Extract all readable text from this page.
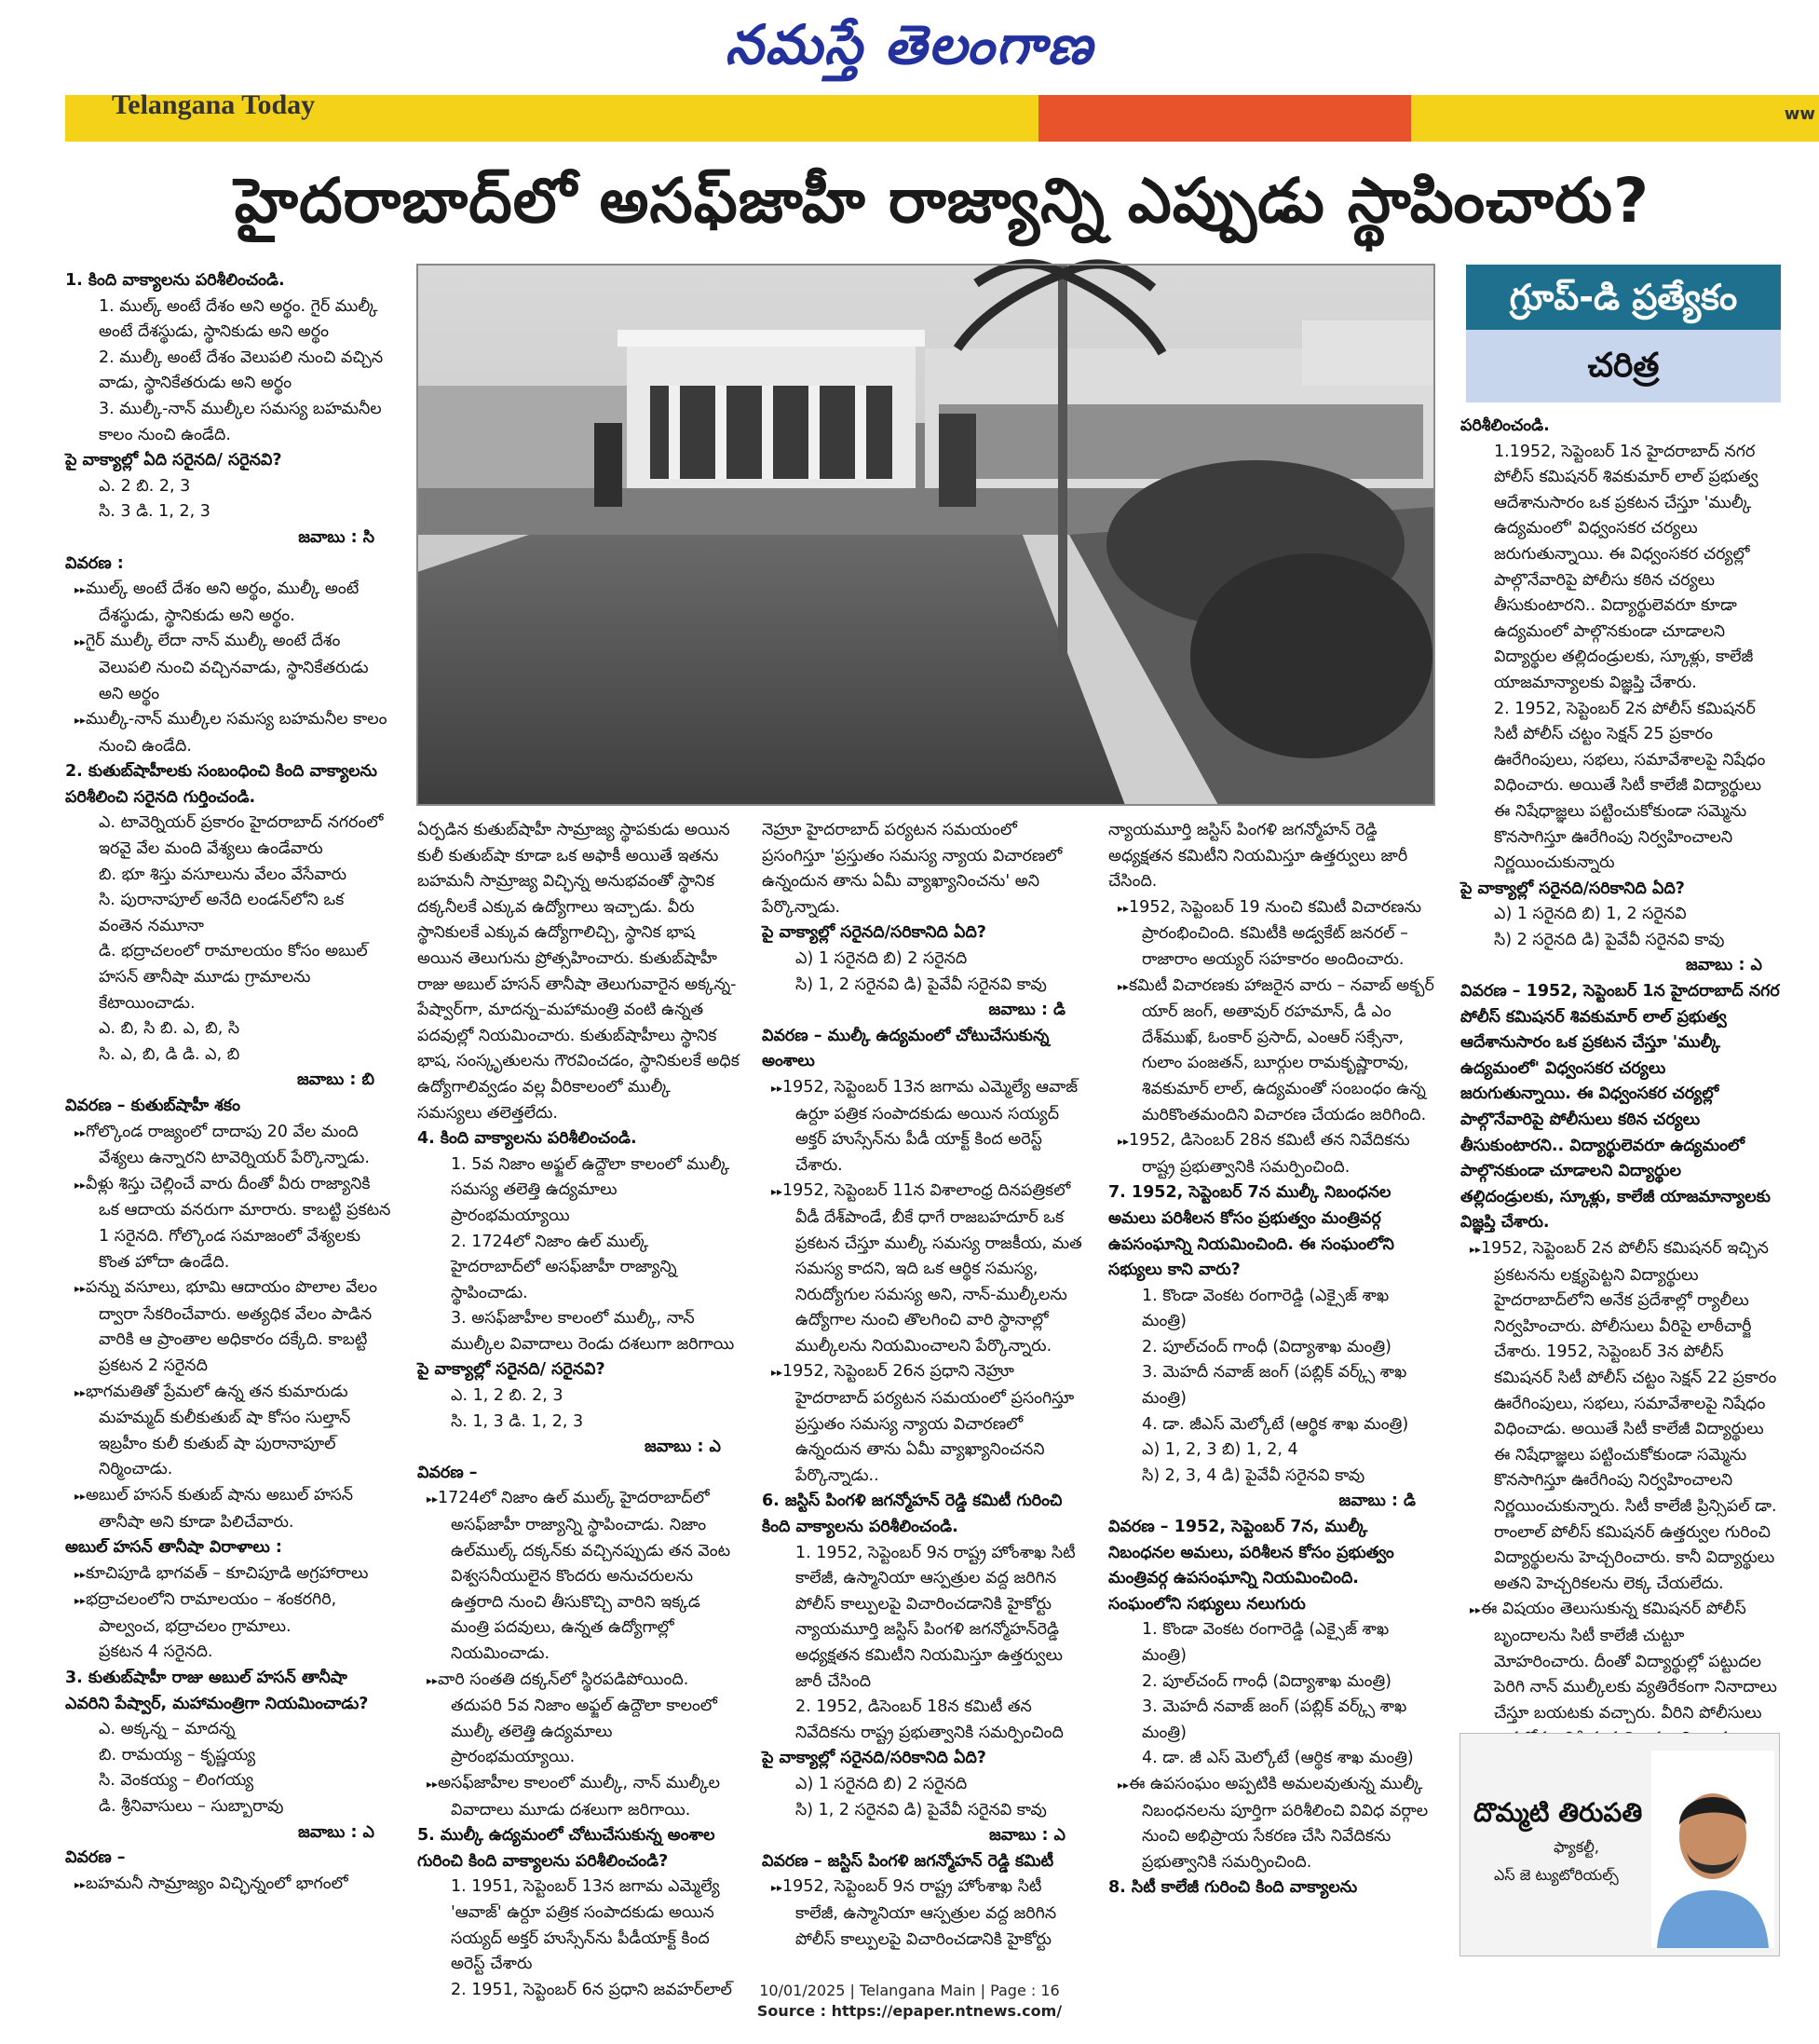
నమస్తే తెలంగాణ
Telangana Today	ww
హైదరాబాద్‌లో అసఫ్‌జాహీ రాజ్యాన్ని ఎప్పుడు స్థాపించారు?
గ్రూప్‌-డి ప్రత్యేకం
చరిత్ర

1. కింది వాక్యాలను పరిశీలించండి.

1. ముల్క్ అంటే దేశం అని అర్థం. గైర్ ముల్కీ అంటే దేశస్థుడు, స్థానికుడు అని అర్థం

2. ముల్కీ అంటే దేశం వెలుపలి నుంచి వచ్చిన వాడు, స్థానికేతరుడు అని అర్థం

3. ముల్కీ-నాన్ ముల్కీల సమస్య బహమనీల కాలం నుంచి ఉండేది.

పై వాక్యాల్లో ఏది సరైనది/ సరైనవి?

ఎ. 2 బి. 2, 3

సి. 3 డి. 1, 2, 3

జవాబు : సి

వివరణ :

▸▸ ముల్క్ అంటే దేశం అని అర్థం, ముల్కీ అంటే దేశస్థుడు, స్థానికుడు అని అర్థం.

▸▸ గైర్ ముల్కీ లేదా నాన్ ముల్కీ అంటే దేశం వెలుపలి నుంచి వచ్చినవాడు, స్థానికేతరుడు అని అర్థం

▸▸ ముల్కీ-నాన్ ముల్కీల సమస్య బహమనీల కాలం నుంచి ఉండేది.

2. కుతుబ్‌షాహీలకు సంబంధించి కింది వాక్యాలను పరిశీలించి సరైనది గుర్తించండి.

ఎ. టావెర్నియర్ ప్రకారం హైదరాబాద్ నగరంలో ఇరవై వేల మంది వేశ్యలు ఉండేవారు

బి. భూ శిస్తు వసూలును వేలం వేసేవారు

సి. పురానాపూల్ అనేది లండన్‌లోని ఒక వంతెన నమూనా

డి. భద్రాచలంలో రామాలయం కోసం అబుల్ హసన్ తానీషా మూడు గ్రామాలను కేటాయించాడు.

ఎ. బి, సి బి. ఎ, బి, సి

సి. ఎ, బి, డి డి. ఎ, బి

జవాబు : బి

వివరణ – కుతుబ్‌షాహీ శకం

▸▸ గోల్కొండ రాజ్యంలో దాదాపు 20 వేల మంది వేశ్యలు ఉన్నారని టావెర్నియర్ పేర్కొన్నాడు.

▸▸ వీళ్లు శిస్తు చెల్లించే వారు దీంతో వీరు రాజ్యానికి ఒక ఆదాయ వనరుగా మారారు. కాబట్టి ప్రకటన 1 సరైనది. గోల్కొండ సమాజంలో వేశ్యలకు కొంత హోదా ఉండేది.

▸▸ పన్ను వసూలు, భూమి ఆదాయం పొలాల వేలం ద్వారా సేకరించేవారు. అత్యధిక వేలం పాడిన వారికి ఆ ప్రాంతాల అధికారం దక్కేది. కాబట్టి ప్రకటన 2 సరైనది

▸▸ భాగమతితో ప్రేమలో ఉన్న తన కుమారుడు మహమ్మద్ కులీకుతుబ్ షా కోసం సుల్తాన్ ఇబ్రహీం కులీ కుతుబ్ షా పురానాపూల్ నిర్మించాడు.

▸▸ అబుల్ హసన్ కుతుబ్ షాను అబుల్ హసన్ తానీషా అని కూడా పిలిచేవారు.

అబుల్ హసన్ తానీషా విరాళాలు :

▸▸ కూచిపూడి భాగవత్ – కూచిపూడి అగ్రహారాలు

▸▸ భద్రాచలంలోని రామాలయం – శంకరగిరి, పాల్వంచ, భద్రాచలం గ్రామాలు.

ప్రకటన 4 సరైనది.

3. కుతుబ్‌షాహీ రాజు అబుల్ హసన్ తానీషా ఎవరిని పేష్వార్, మహామంత్రిగా నియమించాడు?

ఎ. అక్కన్న – మాదన్న

బి. రామయ్య – కృష్ణయ్య

సి. వెంకయ్య – లింగయ్య

డి. శ్రీనివాసులు – సుబ్బారావు

జవాబు : ఎ

వివరణ –

▸▸ బహమనీ సామ్రాజ్యం విచ్ఛిన్నంలో భాగంలో

ఏర్పడిన కుతుబ్‌షాహీ సామ్రాజ్య స్థాపకుడు అయిన కులీ కుతుబ్‌షా కూడా ఒక అఫాకీ అయితే ఇతను బహమనీ సామ్రాజ్య విచ్ఛిన్న అనుభవంతో స్థానిక దక్కనీలకే ఎక్కువ ఉద్యోగాలు ఇచ్చాడు. వీరు స్థానికులకే ఎక్కువ ఉద్యోగాలిచ్చి, స్థానిక భాష అయిన తెలుగును ప్రోత్సహించారు. కుతుబ్‌షాహీ రాజు అబుల్ హసన్ తానీషా తెలుగువారైన అక్కన్న-పేష్వార్‌గా, మాదన్న–మహామంత్రి వంటి ఉన్నత పదవుల్లో నియమించారు. కుతుబ్‌షాహీలు స్థానిక భాష, సంస్కృతులను గౌరవించడం, స్థానికులకే అధిక ఉద్యోగాలివ్వడం వల్ల వీరికాలంలో ముల్కీ సమస్యలు తలెత్తలేదు.

4. కింది వాక్యాలను పరిశీలించండి.

1. 5వ నిజాం అఫ్జల్ ఉద్దౌలా కాలంలో ముల్కీ సమస్య తలెత్తి ఉద్యమాలు ప్రారంభమయ్యాయి

2. 1724లో నిజాం ఉల్ ముల్క్ హైదరాబాద్‌లో అసఫ్‌జాహీ రాజ్యాన్ని స్థాపించాడు.

3. అసఫ్‌జాహీల కాలంలో ముల్కీ, నాన్ ముల్కీల వివాదాలు రెండు దశలుగా జరిగాయి

పై వాక్యాల్లో సరైనది/ సరైనవి?

ఎ. 1, 2 బి. 2, 3

సి. 1, 3 డి. 1, 2, 3

జవాబు : ఎ

వివరణ –

▸▸ 1724లో నిజాం ఉల్ ముల్క్ హైదరాబాద్‌లో అసఫ్‌జాహీ రాజ్యాన్ని స్థాపించాడు. నిజాం ఉల్‌ముల్క్ దక్కన్‌కు వచ్చినప్పుడు తన వెంట విశ్వసనీయులైన కొందరు అనుచరులను ఉత్తరాది నుంచి తీసుకొచ్చి వారిని ఇక్కడ మంత్రి పదవులు, ఉన్నత ఉద్యోగాల్లో నియమించాడు.

▸▸ వారి సంతతి దక్కన్‌లో స్థిరపడిపోయింది. తదుపరి 5వ నిజాం అఫ్జల్ ఉద్దౌలా కాలంలో ముల్కీ తలెత్తి ఉద్యమాలు ప్రారంభమయ్యాయి.

▸▸ అసఫ్‌జాహీల కాలంలో ముల్కీ, నాన్ ముల్కీల వివాదాలు మూడు దశలుగా జరిగాయి.

5. ముల్కీ ఉద్యమంలో చోటుచేసుకున్న అంశాల గురించి కింది వాక్యాలను పరిశీలించండి?

1. 1951, సెప్టెంబర్ 13న జగామ ఎమ్మెల్యే 'ఆవాజ్' ఉర్దూ పత్రిక సంపాదకుడు అయిన సయ్యద్ అక్తర్ హుస్సేన్‌ను పీడీయాక్ట్ కింద అరెస్ట్ చేశారు

2. 1951, సెప్టెంబర్ 6న ప్రధాని జవహర్‌లాల్

నెహ్రూ హైదరాబాద్ పర్యటన సమయంలో ప్రసంగిస్తూ 'ప్రస్తుతం సమస్య న్యాయ విచారణలో ఉన్నందున తాను ఏమీ వ్యాఖ్యానించను' అని పేర్కొన్నాడు.

పై వాక్యాల్లో సరైనది/సరికానిది ఏది?

ఎ) 1 సరైనది బి) 2 సరైనది

సి) 1, 2 సరైనవి డి) పైవేవీ సరైనవి కావు

జవాబు : డి

వివరణ – ముల్కీ ఉద్యమంలో చోటుచేసుకున్న అంశాలు

▸▸ 1952, సెప్టెంబర్ 13న జగామ ఎమ్మెల్యే ఆవాజ్ ఉర్దూ పత్రిక సంపాదకుడు అయిన సయ్యద్ అక్తర్ హుస్సేన్‌ను పీడీ యాక్ట్ కింద అరెస్ట్ చేశారు.

▸▸ 1952, సెప్టెంబర్ 11న విశాలాంధ్ర దినపత్రికలో వీడీ దేశ్‌పాండే, బీకే ధాగే రాజబహదూర్ ఒక ప్రకటన చేస్తూ ముల్కీ సమస్య రాజకీయ, మత సమస్య కాదని, ఇది ఒక ఆర్థిక సమస్య, నిరుద్యోగుల సమస్య అని, నాన్-ముల్కీలను ఉద్యోగాల నుంచి తొలగించి వారి స్థానాల్లో ముల్కీలను నియమించాలని పేర్కొన్నారు.

▸▸ 1952, సెప్టెంబర్ 26న ప్రధాని నెహ్రూ హైదరాబాద్ పర్యటన సమయంలో ప్రసంగిస్తూ ప్రస్తుతం సమస్య న్యాయ విచారణలో ఉన్నందున తాను ఏమీ వ్యాఖ్యానించనని పేర్కొన్నాడు..

6. జస్టిస్ పింగళి జగన్మోహన్ రెడ్డి కమిటీ గురించి కింది వాక్యాలను పరిశీలించండి.

1. 1952, సెప్టెంబర్ 9న రాష్ట్ర హోంశాఖ సిటీ కాలేజీ, ఉస్మానియా ఆస్పత్రుల వద్ద జరిగిన పోలీస్ కాల్పులపై విచారించడానికి హైకోర్టు న్యాయమూర్తి జస్టిస్ పింగళి జగన్మోహన్‌రెడ్డి అధ్యక్షతన కమిటీని నియమిస్తూ ఉత్తర్వులు జారీ చేసింది

2. 1952, డిసెంబర్ 18న కమిటీ తన నివేదికను రాష్ట్ర ప్రభుత్వానికి సమర్పించింది

పై వాక్యాల్లో సరైనది/సరికానిది ఏది?

ఎ) 1 సరైనది బి) 2 సరైనది

సి) 1, 2 సరైనవి డి) పైవేవీ సరైనవి కావు

జవాబు : ఎ

వివరణ – జస్టిస్ పింగళి జగన్మోహన్ రెడ్డి కమిటీ

▸▸ 1952, సెప్టెంబర్ 9న రాష్ట్ర హోంశాఖ సిటీ కాలేజీ, ఉస్మానియా ఆస్పత్రుల వద్ద జరిగిన పోలీస్ కాల్పులపై విచారించడానికి హైకోర్టు

న్యాయమూర్తి జస్టిస్ పింగళి జగన్మోహన్ రెడ్డి అధ్యక్షతన కమిటీని నియమిస్తూ ఉత్తర్వులు జారీ చేసింది.

▸▸ 1952, సెప్టెంబర్ 19 నుంచి కమిటీ విచారణను ప్రారంభించింది. కమిటీకి అడ్వకేట్ జనరల్ – రాజారాం అయ్యర్ సహకారం అందించారు.

▸▸ కమిటీ విచారణకు హాజరైన వారు – నవాబ్ అక్బర్ యార్ జంగ్, అతావుర్ రహమాన్, డీ ఎం దేశ్‌ముఖ్, ఓంకార్ ప్రసాద్, ఎంఆర్ సక్సేనా, గులాం పంజతన్, బూర్గుల రామకృష్ణారావు, శివకుమార్ లాల్, ఉద్యమంతో సంబంధం ఉన్న మరికొంతమందిని విచారణ చేయడం జరిగింది.

▸▸ 1952, డిసెంబర్ 28న కమిటీ తన నివేదికను రాష్ట్ర ప్రభుత్వానికి సమర్పించింది.

7. 1952, సెప్టెంబర్ 7న ముల్కీ నిబంధనల అమలు పరిశీలన కోసం ప్రభుత్వం మంత్రివర్గ ఉపసంఘాన్ని నియమించింది. ఈ సంఘంలోని సభ్యులు కాని వారు?

1. కొండా వెంకట రంగారెడ్డి (ఎక్సైజ్ శాఖ మంత్రి)

2. పూల్‌చంద్ గాంధీ (విద్యాశాఖ మంత్రి)

3. మెహదీ నవాజ్ జంగ్ (పబ్లిక్ వర్క్స్ శాఖ మంత్రి)

4. డా. జీఎస్ మెల్కోటే (ఆర్థిక శాఖ మంత్రి)

ఎ) 1, 2, 3 బి) 1, 2, 4

సి) 2, 3, 4 డి) పైవేవీ సరైనవి కావు

జవాబు : డి

వివరణ – 1952, సెప్టెంబర్ 7న, ముల్కీ నిబంధనల అమలు, పరిశీలన కోసం ప్రభుత్వం మంత్రివర్గ ఉపసంఘాన్ని నియమించింది. సంఘంలోని సభ్యులు నలుగురు

1. కొండా వెంకట రంగారెడ్డి (ఎక్సైజ్ శాఖ మంత్రి)

2. పూల్‌చంద్ గాంధీ (విద్యాశాఖ మంత్రి)

3. మెహదీ నవాజ్ జంగ్ (పబ్లిక్ వర్క్స్ శాఖ మంత్రి)

4. డా. జీ ఎస్ మెల్కోటే (ఆర్థిక శాఖ మంత్రి)

▸▸ ఈ ఉపసంఘం అప్పటికి అమలవుతున్న ముల్కీ నిబంధనలను పూర్తిగా పరిశీలించి వివిధ వర్గాల నుంచి అభిప్రాయ సేకరణ చేసి నివేదికను ప్రభుత్వానికి సమర్పించింది.

8. సిటీ కాలేజీ గురించి కింది వాక్యాలను

పరిశీలించండి.

1.1952, సెప్టెంబర్ 1న హైదరాబాద్ నగర పోలీస్ కమిషనర్ శివకుమార్ లాల్ ప్రభుత్వ ఆదేశానుసారం ఒక ప్రకటన చేస్తూ 'ముల్కీ ఉద్యమంలో' విధ్వంసకర చర్యలు జరుగుతున్నాయి. ఈ విధ్వంసకర చర్యల్లో పాల్గొనేవారిపై పోలీసు కఠిన చర్యలు తీసుకుంటారని.. విద్యార్థులెవరూ కూడా ఉద్యమంలో పాల్గొనకుండా చూడాలని విద్యార్థుల తల్లిదండ్రులకు, స్కూళ్లు, కాలేజీ యాజమాన్యాలకు విజ్ఞప్తి చేశారు.

2. 1952, సెప్టెంబర్ 2న పోలీస్ కమిషనర్ సిటీ పోలీస్ చట్టం సెక్షన్ 25 ప్రకారం ఊరేగింపులు, సభలు, సమావేశాలపై నిషేధం విధించారు. అయితే సిటీ కాలేజీ విద్యార్థులు ఈ నిషేధాజ్ఞలు పట్టించుకోకుండా సమ్మెను కొనసాగిస్తూ ఊరేగింపు నిర్వహించాలని నిర్ణయించుకున్నారు

పై వాక్యాల్లో సరైనది/సరికానిది ఏది?

ఎ) 1 సరైనది బి) 1, 2 సరైనవి

సి) 2 సరైనది డి) పైవేవీ సరైనవి కావు

జవాబు : ఎ

వివరణ – 1952, సెప్టెంబర్ 1న హైదరాబాద్ నగర పోలీస్ కమిషనర్ శివకుమార్ లాల్ ప్రభుత్వ ఆదేశానుసారం ఒక ప్రకటన చేస్తూ 'ముల్కీ ఉద్యమంలో' విధ్వంసకర చర్యలు జరుగుతున్నాయి. ఈ విధ్వంసకర చర్యల్లో పాల్గొనేవారిపై పోలీసులు కఠిన చర్యలు తీసుకుంటారని.. విద్యార్థులెవరూ ఉద్యమంలో పాల్గొనకుండా చూడాలని విద్యార్థుల తల్లిదండ్రులకు, స్కూళ్లు, కాలేజీ యాజమాన్యాలకు విజ్ఞప్తి చేశారు.

▸▸ 1952, సెప్టెంబర్ 2న పోలీస్ కమిషనర్ ఇచ్చిన ప్రకటనను లక్ష్యపెట్టని విద్యార్థులు హైదరాబాద్‌లోని అనేక ప్రదేశాల్లో ర్యాలీలు నిర్వహించారు. పోలీసులు వీరిపై లాఠీచార్జీ చేశారు. 1952, సెప్టెంబర్ 3న పోలీస్ కమిషనర్ సిటీ పోలీస్ చట్టం సెక్షన్ 22 ప్రకారం ఊరేగింపులు, సభలు, సమావేశాలపై నిషేధం విధించాడు. అయితే సిటీ కాలేజీ విద్యార్థులు ఈ నిషేధాజ్ఞలు పట్టించుకోకుండా సమ్మెను కొనసాగిస్తూ ఊరేగింపు నిర్వహించాలని నిర్ణయించుకున్నారు. సిటీ కాలేజీ ప్రిన్సిపల్ డా. రాంలాల్ పోలీస్ కమిషనర్ ఉత్తర్వుల గురించి విద్యార్థులను హెచ్చరించారు. కానీ విద్యార్థులు అతని హెచ్చరికలను లెక్క చేయలేదు.

▸▸ ఈ విషయం తెలుసుకున్న కమిషనర్ పోలీస్ బృందాలను సిటీ కాలేజీ చుట్టూ మోహరించారు. దీంతో విద్యార్థుల్లో పట్టుదల పెరిగి నాన్ ముల్కీలకు వ్యతిరేకంగా నినాదాలు చేస్తూ బయటకు వచ్చారు. వీరిని పోలీసులు

దొమ్మటి తిరుపతి
ఫ్యాకల్టీ,
ఎస్ జె ట్యుటోరియల్స్
10/01/2025 | Telangana Main | Page : 16
Source : https://epaper.ntnews.com/
